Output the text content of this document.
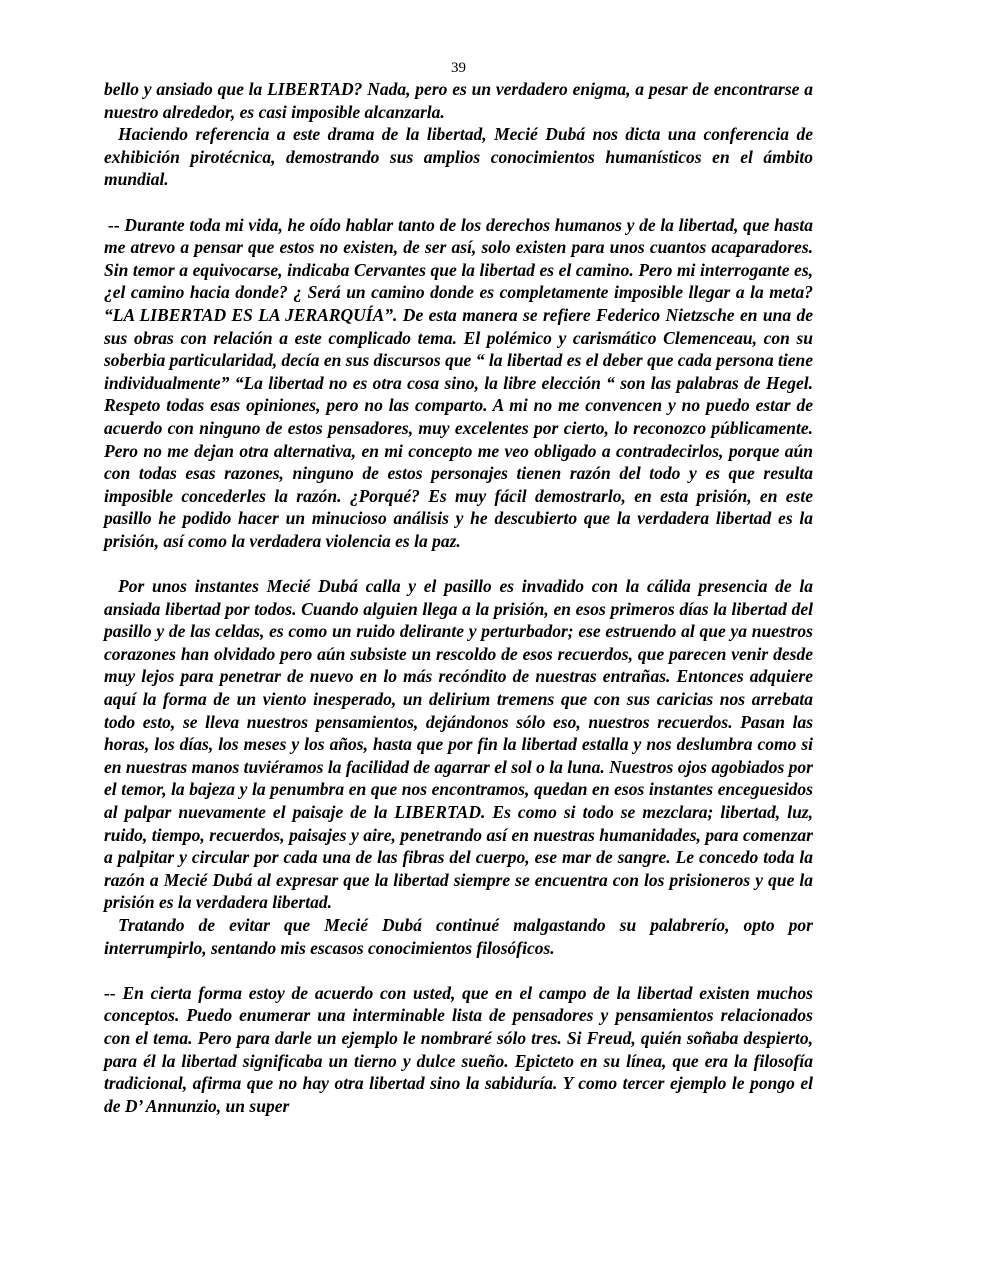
39

bello y ansiado que la LIBERTAD? Nada, pero es un verdadero enigma, a pesar de encontrarse a nuestro alrededor, es casi imposible alcanzarla.

Haciendo referencia a este drama de la libertad, Mecié Dubá nos dicta una conferencia de exhibición pirotécnica, demostrando sus amplios conocimientos humanísticos en el ámbito mundial.

-- Durante toda mi vida, he oído hablar tanto de los derechos humanos y de la libertad, que hasta me atrevo a pensar que estos no existen, de ser así, solo existen para unos cuantos acaparadores. Sin temor a equivocarse, indicaba Cervantes que la libertad es el camino. Pero mi interrogante es, ¿el camino hacia donde? ¿ Será un camino donde es completamente imposible llegar a la meta? “LA LIBERTAD ES LA JERARQUÍA”. De esta manera se refiere Federico Nietzsche en una de sus obras con relación a este complicado tema. El polémico y carismático Clemenceau, con su soberbia particularidad, decía en sus discursos que “ la libertad es el deber que cada persona tiene individualmente” “La libertad no es otra cosa sino, la libre elección “ son las palabras de Hegel. Respeto todas esas opiniones, pero no las comparto. A mi no me convencen y no puedo estar de acuerdo con ninguno de estos pensadores, muy excelentes por cierto, lo reconozco públicamente. Pero no me dejan otra alternativa, en mi concepto me veo obligado a contradecirlos, porque aún con todas esas razones, ninguno de estos personajes tienen razón del todo y es que resulta imposible concederles la razón. ¿Porqué? Es muy fácil demostrarlo, en esta prisión, en este pasillo he podido hacer un minucioso análisis y he descubierto que la verdadera libertad es la prisión, así como la verdadera violencia es la paz.

Por unos instantes Mecié Dubá calla y el pasillo es invadido con la cálida presencia de la ansiada libertad por todos. Cuando alguien llega a la prisión, en esos primeros días la libertad del pasillo y de las celdas, es como un ruido delirante y perturbador; ese estruendo al que ya nuestros corazones han olvidado pero aún subsiste un rescoldo de esos recuerdos, que parecen venir desde muy lejos para penetrar de nuevo en lo más recóndito de nuestras entrañas. Entonces adquiere aquí la forma de un viento inesperado, un delirium tremens que con sus caricias nos arrebata todo esto, se lleva nuestros pensamientos, dejándonos sólo eso, nuestros recuerdos. Pasan las horas, los días, los meses y los años, hasta que por fin la libertad estalla y nos deslumbra como si en nuestras manos tuviéramos la facilidad de agarrar el sol o la luna. Nuestros ojos agobiados por el temor, la bajeza y la penumbra en que nos encontramos, quedan en esos instantes enceguesidos al palpar nuevamente el paisaje de la LIBERTAD. Es como si todo se mezclara; libertad, luz, ruido, tiempo, recuerdos, paisajes y aire, penetrando así en nuestras humanidades, para comenzar a palpitar y circular por cada una de las fibras del cuerpo, ese mar de sangre. Le concedo toda la razón a Mecié Dubá al expresar que la libertad siempre se encuentra con los prisioneros y que la prisión es la verdadera libertad.

Tratando de evitar que Mecié Dubá continué malgastando su palabrerío, opto por interrumpirlo, sentando mis escasos conocimientos filosóficos.

-- En cierta forma estoy de acuerdo con usted, que en el campo de la libertad existen muchos conceptos. Puedo enumerar una interminable lista de pensadores y pensamientos relacionados con el tema. Pero para darle un ejemplo le nombraré sólo tres. Si Freud, quién soñaba despierto, para él la libertad significaba un tierno y dulce sueño. Epicteto en su línea, que era la filosofía tradicional, afirma que no hay otra libertad sino la sabiduría. Y como tercer ejemplo le pongo el de D’ Annunzio, un super
